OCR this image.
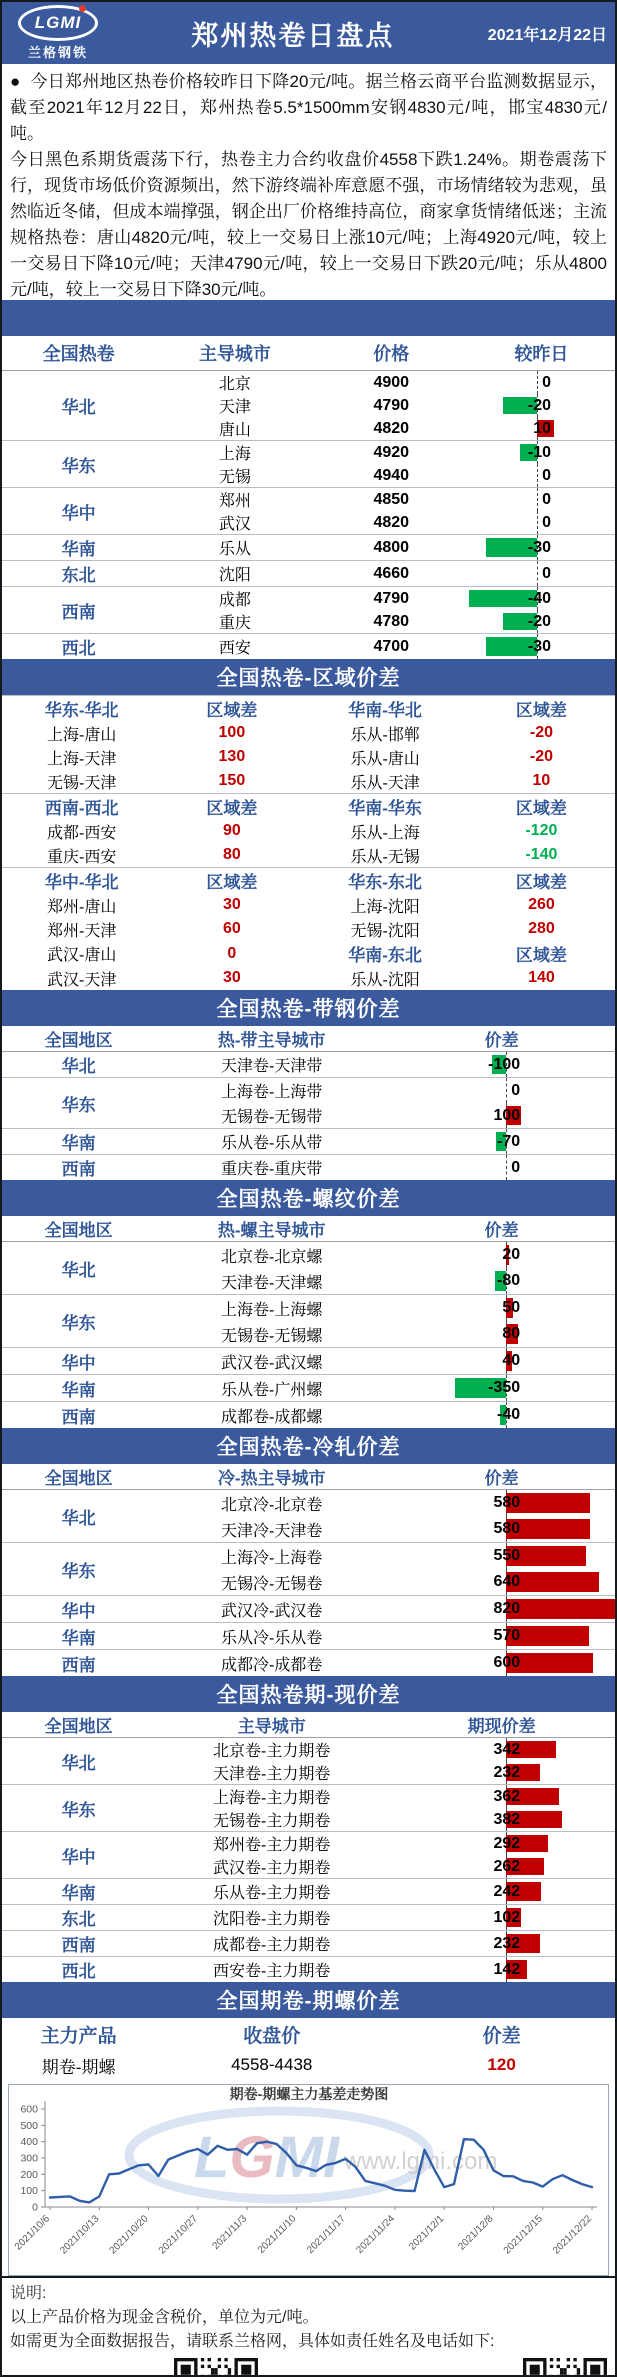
LGMI
兰格钢铁
郑州热卷日盘点	2021年12月22日

●  今日郑州地区热卷价格较昨日下降20元/吨。据兰格云商平台监测数据显示，截至2021年12月22日，郑州热卷5.5*1500mm安钢4830元/吨，邯宝4830元/吨。

今日黑色系期货震荡下行，热卷主力合约收盘价4558下跌1.24%。期卷震荡下行，现货市场低价资源频出，然下游终端补库意愿不强，市场情绪较为悲观，虽然临近冬储，但成本端撑强，钢企出厂价格维持高位，商家拿货情绪低迷；主流规格热卷：唐山4820元/吨，较上一交易日上涨10元/吨；上海4920元/吨，较上一交易日下降10元/吨；天津4790元/吨，较上一交易日下跌20元/吨；乐从4800元/吨，较上一交易日下降30元/吨。

全国热卷	主导城市	价格	较昨日
华北	北京	4900	0

	天津	4790	-20

	唐山	4820	10

华东	上海	4920	-10

	无锡	4940	0

华中	郑州	4850	0

	武汉	4820	0

华南	乐从	4800	-30

东北	沈阳	4660	0

西南	成都	4790	-40

	重庆	4780	-20

西北	西安	4700	-30
全国热卷-区域价差
华东-华北	区域差	华南-华北	区域差
上海-唐山	100	乐从-邯郸	-20
上海-天津	130	乐从-唐山	-20
无锡-天津	150	乐从-天津	10
西南-西北	区域差	华南-华东	区域差
成都-西安	90	乐从-上海	-120
重庆-西安	80	乐从-无锡	-140
华中-华北	区域差	华东-东北	区域差
郑州-唐山	30	上海-沈阳	260
郑州-天津	60	无锡-沈阳	280
武汉-唐山	0	华南-东北	区域差
武汉-天津	30	乐从-沈阳	140
全国热卷-带钢价差
全国地区	热-带主导城市	价差
华北	天津卷-天津带	-100

华东	上海卷-上海带	0

	无锡卷-无锡带	100

华南	乐从卷-乐从带	-70

西南	重庆卷-重庆带	0
全国热卷-螺纹价差
全国地区	热-螺主导城市	价差
华北	北京卷-北京螺	20

	天津卷-天津螺	-80

华东	上海卷-上海螺	50

	无锡卷-无锡螺	80

华中	武汉卷-武汉螺	40

华南	乐从卷-广州螺	-350

西南	成都卷-成都螺	-40
全国热卷-冷轧价差
全国地区	冷-热主导城市	价差
华北	北京冷-北京卷	580

	天津冷-天津卷	580

华东	上海冷-上海卷	550

	无锡冷-无锡卷	640

华中	武汉冷-武汉卷	820

华南	乐从冷-乐从卷	570

西南	成都冷-成都卷	600
全国热卷期-现价差
全国地区	主导城市	期现价差
华北	北京卷-主力期卷	342

	天津卷-主力期卷	232

华东	上海卷-主力期卷	362

	无锡卷-主力期卷	382

华中	郑州卷-主力期卷	292

	武汉卷-主力期卷	262

华南	乐从卷-主力期卷	242

东北	沈阳卷-主力期卷	102

西南	成都卷-主力期卷	232

西北	西安卷-主力期卷	142
全国期卷-期螺价差
主力产品	收盘价	价差
期卷-期螺	4558-4438	120
LGMI www.lgmi.com
期卷-期螺主力基差走势图
0
100
200
300
400
500
600
2021/10/6 2021/10/13 2021/10/20 2021/10/27 2021/11/3 2021/11/10 2021/11/17 2021/11/24 2021/12/1 2021/12/8 2021/12/15 2021/12/22
说明:
以上产品价格为现金含税价，单位为元/吨。
如需更为全面数据报告，请联系兰格网，具体如责任姓名及电话如下:
